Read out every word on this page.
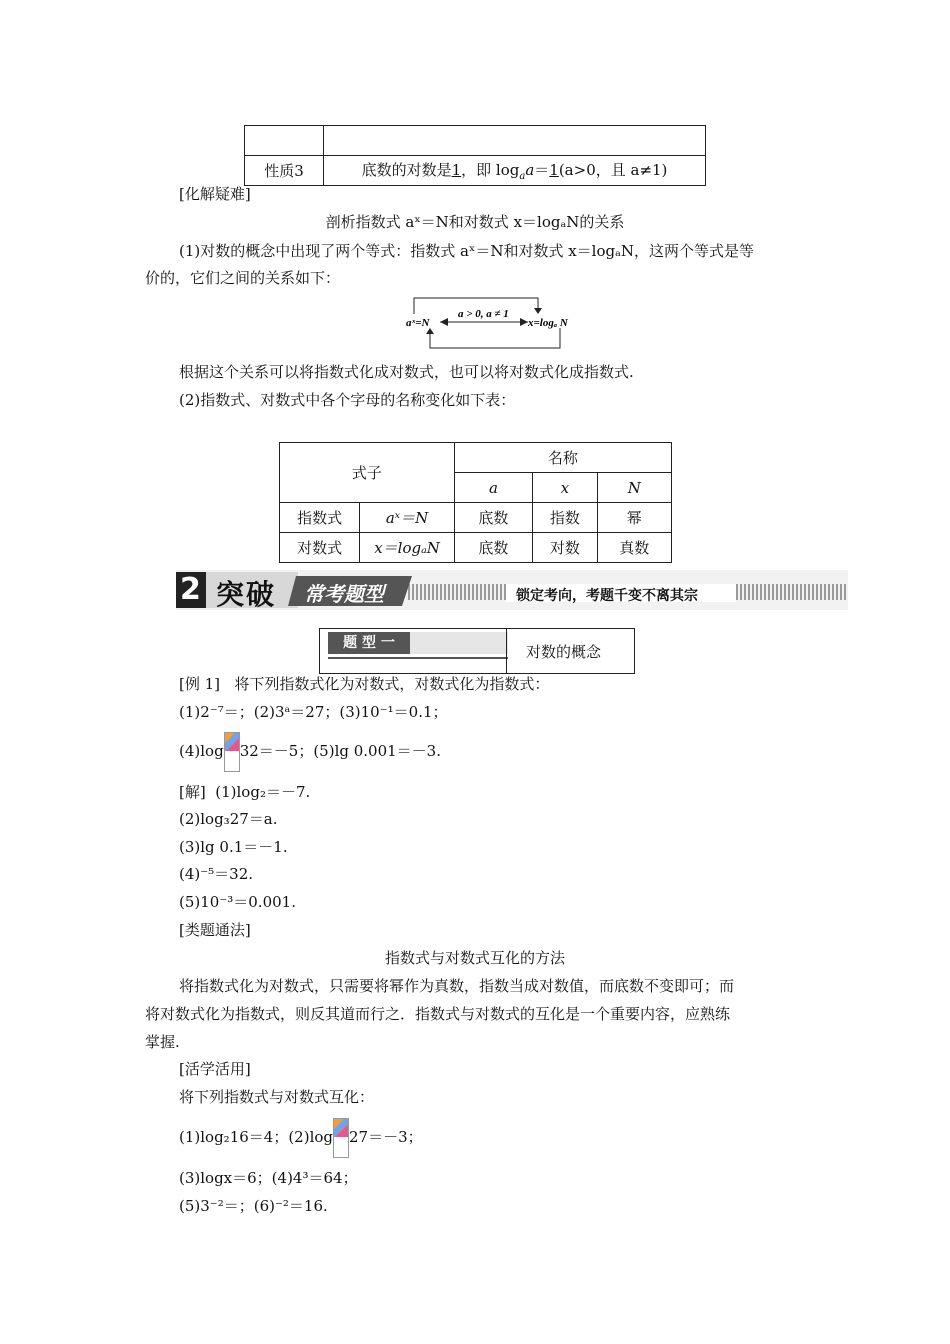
性质3	底数的对数是1，即 $\log_aa=1(a>0$，且 a≠1)
[化解疑难]
剖析指数式 aˣ＝N和对数式 x＝logₐN的关系
(1)对数的概念中出现了两个等式：指数式 aˣ＝N和对数式 x＝logₐN，这两个等式是等
价的，它们之间的关系如下：
aˣ=N
a > 0, a ≠ 1
x=logₐ N
根据这个关系可以将指数式化成对数式，也可以将对数式化成指数式.
(2)指数式、对数式中各个字母的名称变化如下表：
式子		名称		
		a	x	N
指数式	aˣ＝N	底数	指数	幂
对数式	x＝logₐN	底数	对数	真数
2 突破 常考题型	锁定考向，考题千变不离其宗
题 型 一	对数的概念
[例 1] 将下列指数式化为对数式，对数式化为指数式：
(1)2⁻⁷＝；(2)3ᵃ＝27；(3)10⁻¹＝0.1；
(4)log 32＝－5；(5)lg 0.001＝－3.
[解] (1)log₂＝－7.
(2)log₃27＝a.
(3)lg 0.1＝－1.
(4)⁻⁵＝32.
(5)10⁻³＝0.001.
[类题通法]
指数式与对数式互化的方法
将指数式化为对数式，只需要将幂作为真数，指数当成对数值，而底数不变即可；而
将对数式化为指数式，则反其道而行之．指数式与对数式的互化是一个重要内容，应熟练
掌握.
[活学活用]
将下列指数式与对数式互化：
(1)log₂16＝4；(2)log 27＝－3；
(3)logx＝6；(4)4³＝64；
(5)3⁻²＝；(6)⁻²＝16.
